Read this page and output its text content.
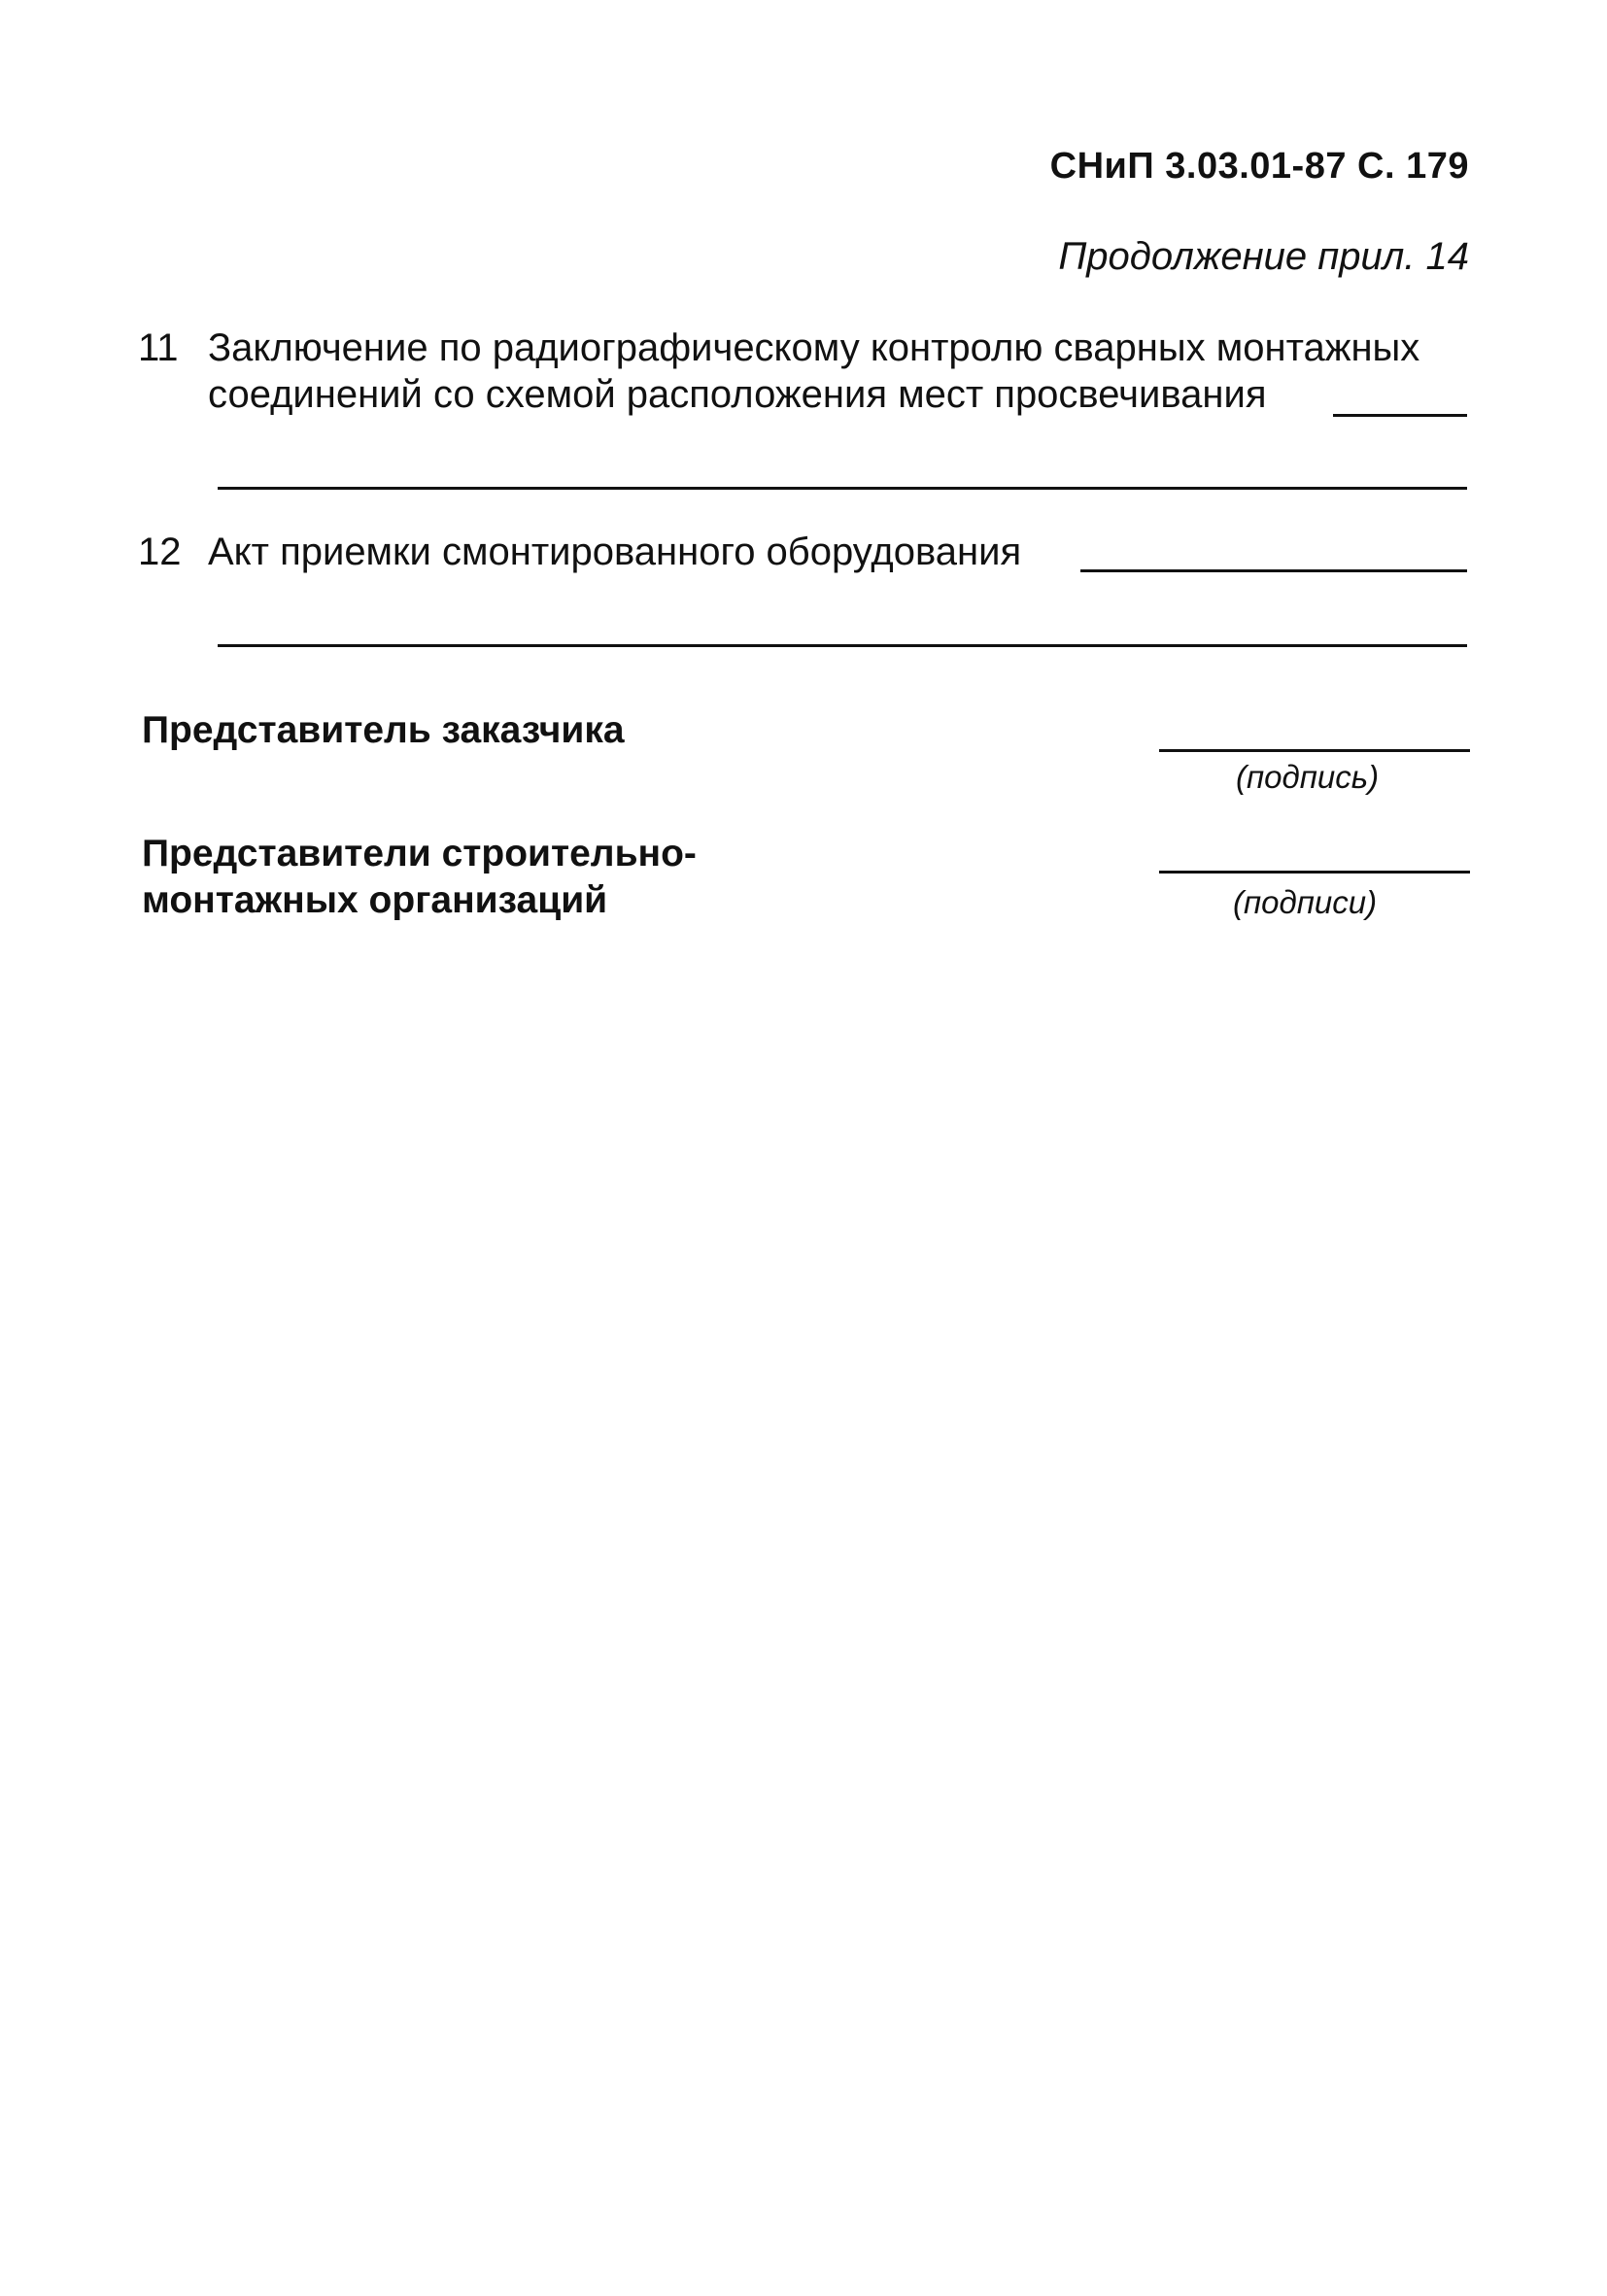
СНиП 3.03.01-87 С. 179
Продолжение прил. 14
11 Заключение по радиографическому контролю сварных монтажных
соединений со схемой расположения мест просвечивания
12 Акт приемки смонтированного оборудования
Представитель заказчика
(подпись)
Представители строительно-
монтажных организаций	(подписи)
